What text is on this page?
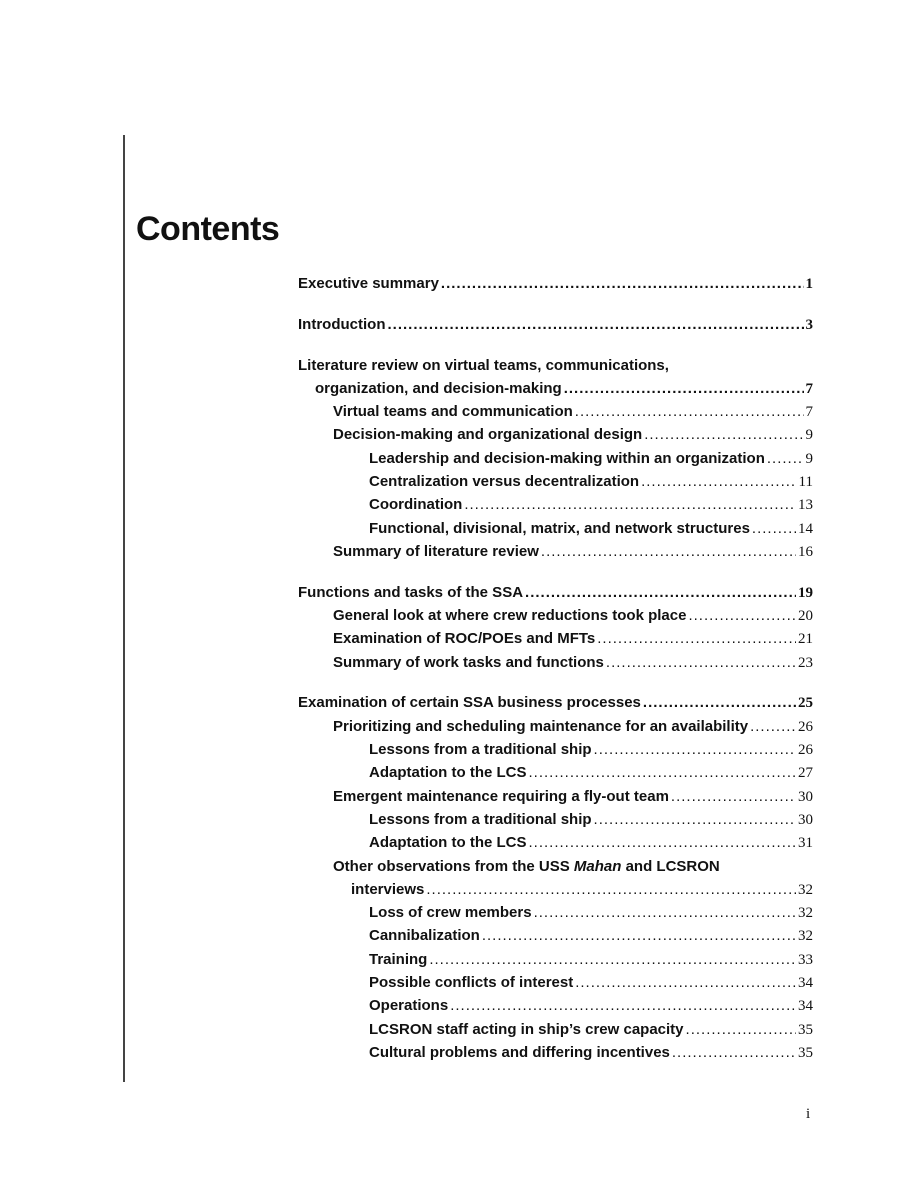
Contents
Executive summary .....	1
Introduction .....	3
Literature review on virtual teams, communications,
organization, and decision-making .....	7
Virtual teams and communication .....	7
Decision-making and organizational design .....	9
Leadership and decision-making within an organization .....	9
Centralization versus decentralization .....	11
Coordination .....	13
Functional, divisional, matrix, and network structures .....	14
Summary of literature review .....	16
Functions and tasks of the SSA .....	19
General look at where crew reductions took place .....	20
Examination of ROC/POEs and MFTs .....	21
Summary of work tasks and functions .....	23
Examination of certain SSA business processes .....	25
Prioritizing and scheduling maintenance for an availability .....	26
Lessons from a traditional ship .....	26
Adaptation to the LCS .....	27
Emergent maintenance requiring a fly-out team .....	30
Lessons from a traditional ship .....	30
Adaptation to the LCS .....	31
Other observations from the USS Mahan and LCSRON
interviews .....	32
Loss of crew members .....	32
Cannibalization .....	32
Training .....	33
Possible conflicts of interest .....	34
Operations .....	34
LCSRON staff acting in ship’s crew capacity .....	35
Cultural problems and differing incentives .....	35
i
